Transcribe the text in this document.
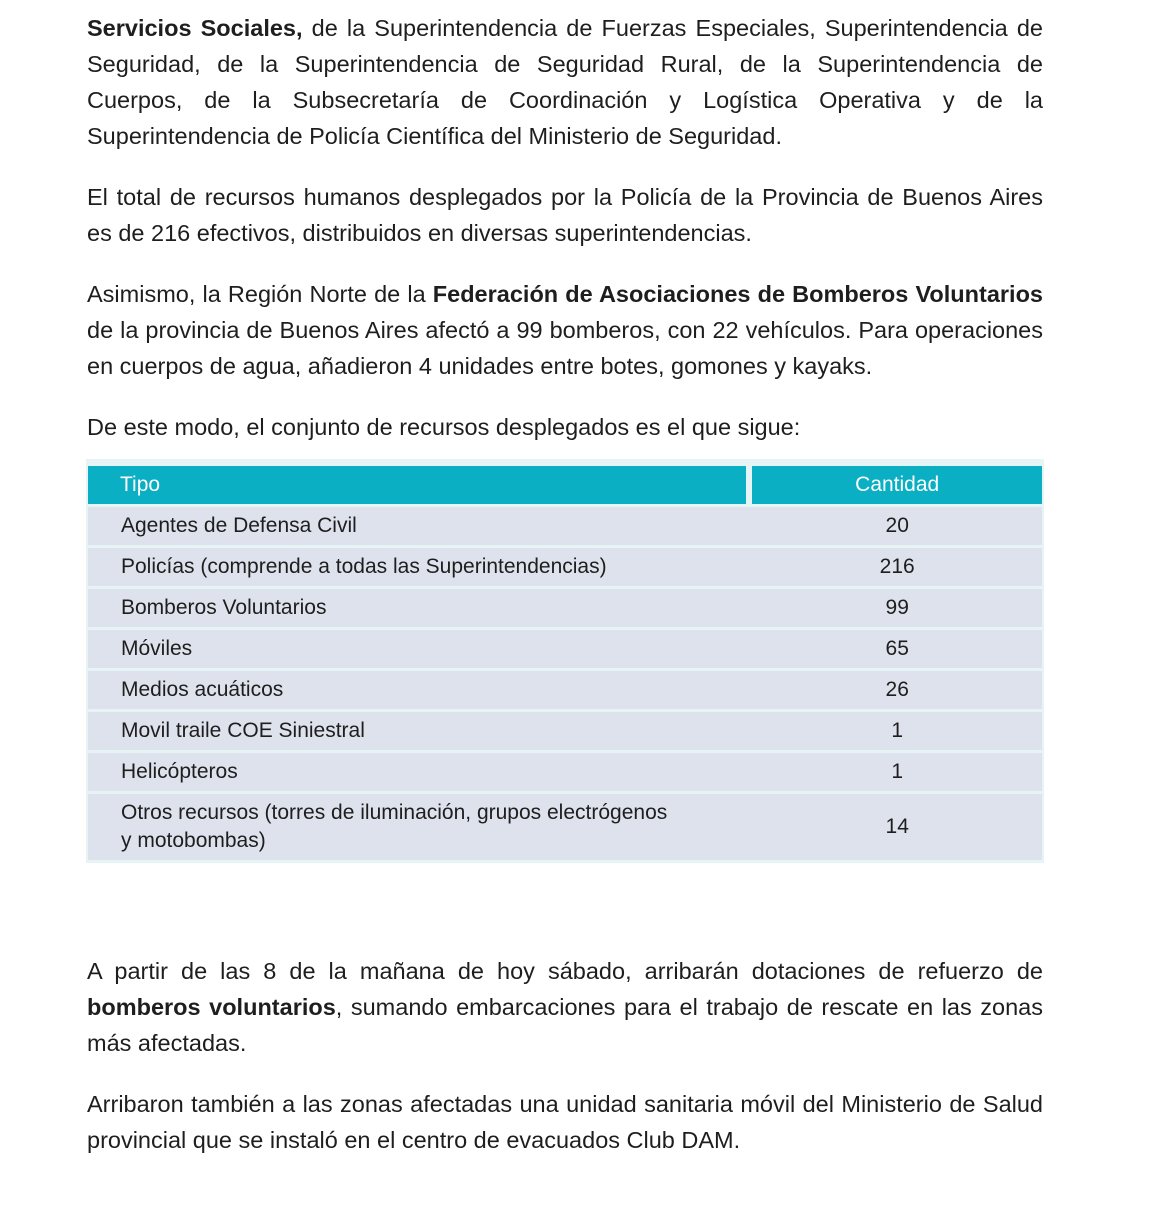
Servicios Sociales, de la Superintendencia de Fuerzas Especiales, Superintendencia de Seguridad, de la Superintendencia de Seguridad Rural, de la Superintendencia de Cuerpos, de la Subsecretaría de Coordinación y Logística Operativa y de la Superintendencia de Policía Científica del Ministerio de Seguridad.

El total de recursos humanos desplegados por la Policía de la Provincia de Buenos Aires es de 216 efectivos, distribuidos en diversas superintendencias.

Asimismo, la Región Norte de la Federación de Asociaciones de Bomberos Voluntarios de la provincia de Buenos Aires afectó a 99 bomberos, con 22 vehículos. Para operaciones en cuerpos de agua, añadieron 4 unidades entre botes, gomones y kayaks.

De este modo, el conjunto de recursos desplegados es el que sigue:

Tipo	Cantidad
Agentes de Defensa Civil	20
Policías (comprende a todas las Superintendencias)	216
Bomberos Voluntarios	99
Móviles	65
Medios acuáticos	26
Movil traile COE Siniestral	1
Helicópteros	1

Otros recursos (torres de iluminación, grupos electrógenos y motobombas)	14

A partir de las 8 de la mañana de hoy sábado, arribarán dotaciones de refuerzo de bomberos voluntarios, sumando embarcaciones para el trabajo de rescate en las zonas más afectadas.

Arribaron también a las zonas afectadas una unidad sanitaria móvil del Ministerio de Salud provincial que se instaló en el centro de evacuados Club DAM.
